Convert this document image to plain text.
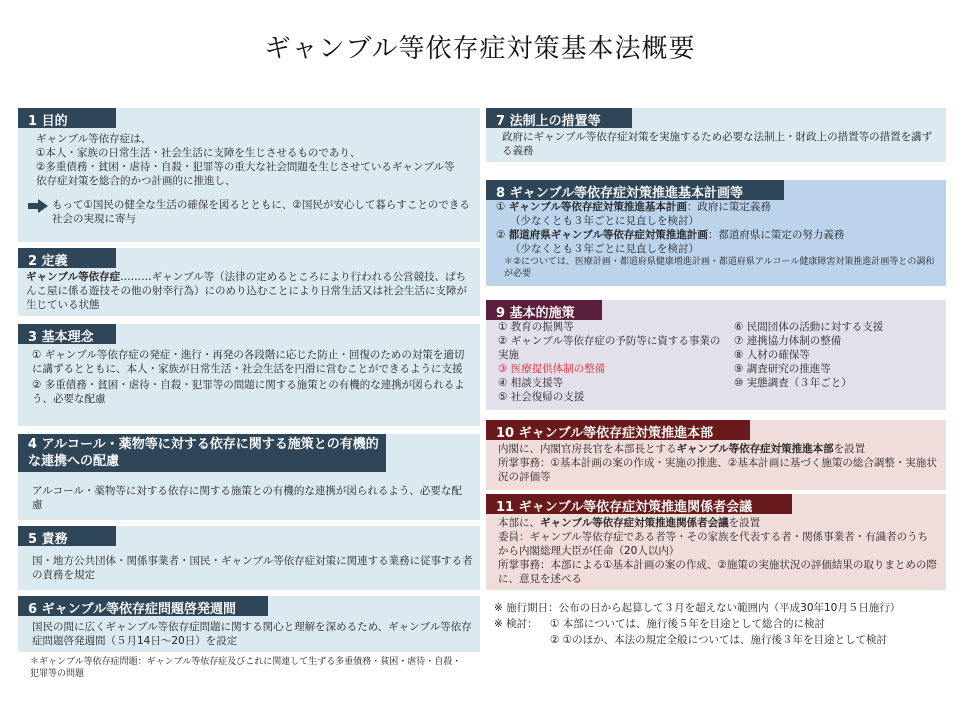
ギャンブル等依存症対策基本法概要
1 目的
ギャンブル等依存症は、
①本人・家族の日常生活・社会生活に支障を生じさせるものであり、
②多重債務・貧困・虐待・自殺・犯罪等の重大な社会問題を生じさせているギャンブル等
依存症対策を総合的かつ計画的に推進し、
もって①国民の健全な生活の確保を図るとともに、②国民が安心して暮らすことのできる社会の実現に寄与
2 定義
ギャンブル等依存症………ギャンブル等（法律の定めるところにより行われる公営競技、ぱちんこ屋に係る遊技その他の射幸行為）にのめり込むことにより日常生活又は社会生活に支障が生じている状態
3 基本理念
① ギャンブル等依存症の発症・進行・再発の各段階に応じた防止・回復のための対策を適切に講ずるとともに、本人・家族が日常生活・社会生活を円滑に営むことができるように支援
② 多重債務・貧困・虐待・自殺・犯罪等の問題に関する施策との有機的な連携が図られるよう、必要な配慮
4 アルコール・薬物等に対する依存に関する施策との有機的
な連携への配慮
アルコール・薬物等に対する依存に関する施策との有機的な連携が図られるよう、必要な配慮
5 責務
国・地方公共団体・関係事業者・国民・ギャンブル等依存症対策に関連する業務に従事する者の責務を規定
6 ギャンブル等依存症問題啓発週間
国民の間に広くギャンブル等依存症問題に関する関心と理解を深めるため、ギャンブル等依存症問題啓発週間（５月14日～20日）を設定
＊ギャンブル等依存症問題：ギャンブル等依存症及びこれに関連して生ずる多重債務・貧困・虐待・自殺・犯罪等の問題
7 法制上の措置等
政府にギャンブル等依存症対策を実施するため必要な法制上・財政上の措置等の措置を講ずる義務
8 ギャンブル等依存症対策推進基本計画等
① ギャンブル等依存症対策推進基本計画：政府に策定義務
（少なくとも３年ごとに見直しを検討）
② 都道府県ギャンブル等依存症対策推進計画：都道府県に策定の努力義務
（少なくとも３年ごとに見直しを検討）
＊②については、医療計画・都道府県健康増進計画・都道府県アルコール健康障害対策推進計画等との調和が必要
9 基本的施策
① 教育の振興等
② ギャンブル等依存症の予防等に資する事業の実施
③ 医療提供体制の整備
④ 相談支援等
⑤ 社会復帰の支援
⑥ 民間団体の活動に対する支援
⑦ 連携協力体制の整備
⑧ 人材の確保等
⑨ 調査研究の推進等
⑩ 実態調査（３年ごと）
10 ギャンブル等依存症対策推進本部
内閣に、内閣官房長官を本部長とするギャンブル等依存症対策推進本部を設置
所掌事務：①基本計画の案の作成・実施の推進、②基本計画に基づく施策の総合調整・実施状況の評価等
11 ギャンブル等依存症対策推進関係者会議
本部に、ギャンブル等依存症対策推進関係者会議を設置
委員：ギャンブル等依存症である者等・その家族を代表する者・関係事業者・有識者のうちから内閣総理大臣が任命（20人以内）
所掌事務：本部による①基本計画の案の作成、②施策の実施状況の評価結果の取りまとめの際に、意見を述べる
※ 施行期日：公布の日から起算して３月を超えない範囲内（平成30年10月５日施行）
※ 検討：	① 本部については、施行後５年を目途として総合的に検討
② ①のほか、本法の規定全般については、施行後３年を目途として検討
